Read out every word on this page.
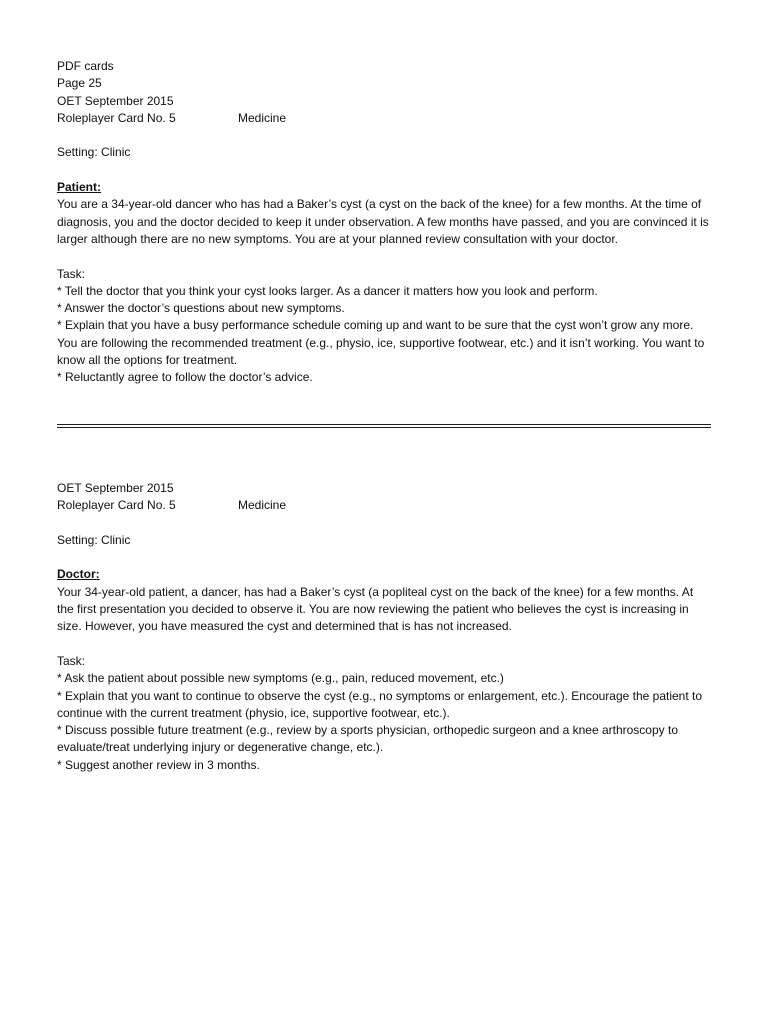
PDF cards
Page 25
OET September 2015
Roleplayer Card No. 5	Medicine
Setting: Clinic
Patient:
You are a 34-year-old dancer who has had a Baker’s cyst (a cyst on the back of the knee) for a few months. At the time of diagnosis, you and the doctor decided to keep it under observation. A few months have passed, and you are convinced it is larger although there are no new symptoms. You are at your planned review consultation with your doctor.
Task:
* Tell the doctor that you think your cyst looks larger. As a dancer it matters how you look and perform.
* Answer the doctor’s questions about new symptoms.
* Explain that you have a busy performance schedule coming up and want to be sure that the cyst won’t grow any more. You are following the recommended treatment (e.g., physio, ice, supportive footwear, etc.) and it isn’t working. You want to know all the options for treatment.
* Reluctantly agree to follow the doctor’s advice.
OET September 2015
Roleplayer Card No. 5	Medicine
Setting: Clinic
Doctor:
Your 34-year-old patient, a dancer, has had a Baker’s cyst (a popliteal cyst on the back of the knee) for a few months. At the first presentation you decided to observe it. You are now reviewing the patient who believes the cyst is increasing in size. However, you have measured the cyst and determined that is has not increased.
Task:
* Ask the patient about possible new symptoms (e.g., pain, reduced movement, etc.)
* Explain that you want to continue to observe the cyst (e.g., no symptoms or enlargement, etc.). Encourage the patient to continue with the current treatment (physio, ice, supportive footwear, etc.).
* Discuss possible future treatment (e.g., review by a sports physician, orthopedic surgeon and a knee arthroscopy to evaluate/treat underlying injury or degenerative change, etc.).
* Suggest another review in 3 months.
